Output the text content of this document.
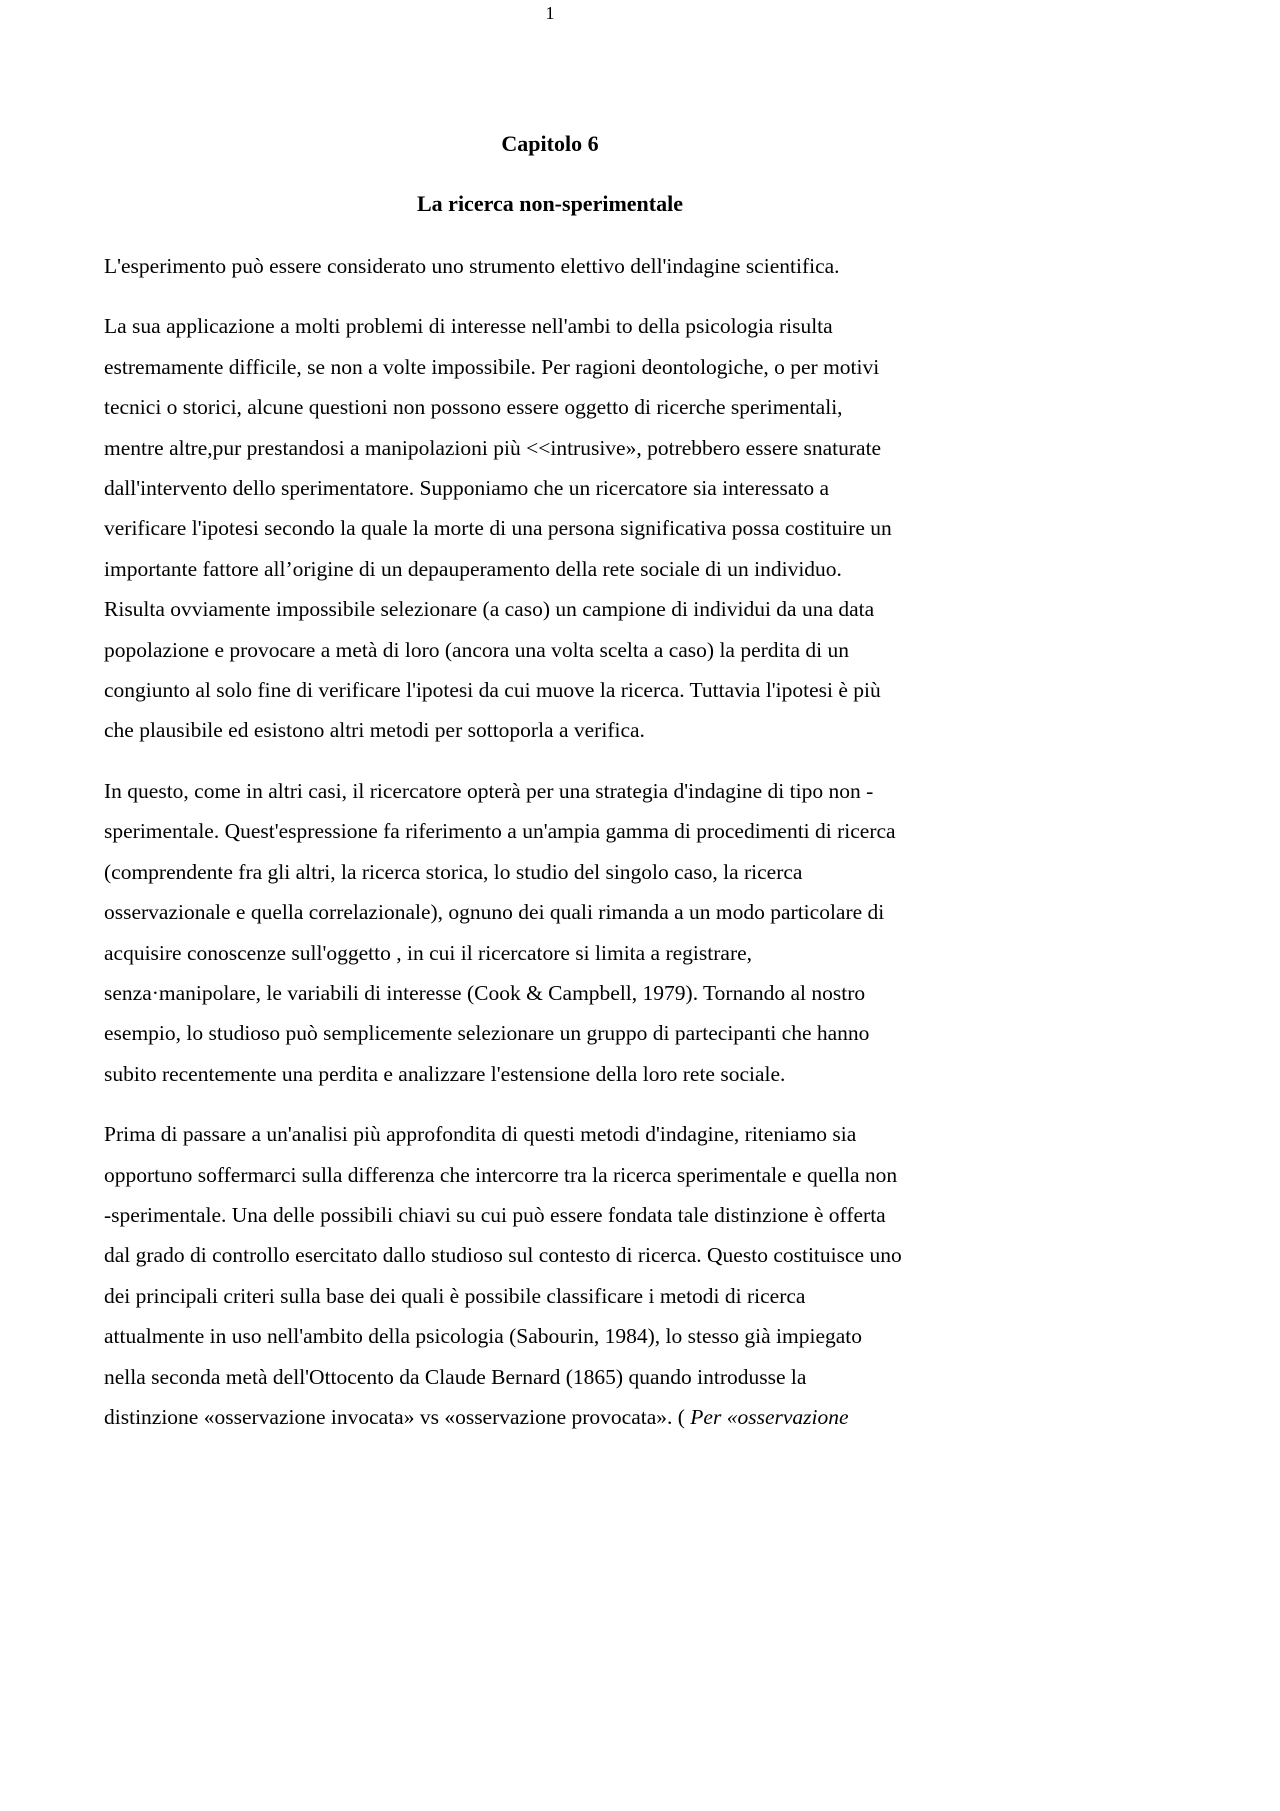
1
Capitolo 6
La ricerca non-sperimentale

L'esperimento può essere considerato uno strumento elettivo dell'indagine scientifica.

La sua applicazione a molti problemi di interesse nell'ambi to della psicologia risulta
estremamente difficile, se non a volte impossibile. Per ragioni deontologiche, o per motivi
tecnici o storici, alcune questioni non possono essere oggetto di ricerche sperimentali,
mentre altre,pur prestandosi a manipolazioni più <<intrusive», potrebbero essere snaturate
dall'intervento dello sperimentatore. Supponiamo che un ricercatore sia interessato a
verificare l'ipotesi secondo la quale la morte di una persona significativa possa costituire un
importante fattore all’origine di un depauperamento della rete sociale di un individuo.
Risulta ovviamente impossibile selezionare (a caso) un campione di individui da una data
popolazione e provocare a metà di loro (ancora una volta scelta a caso) la perdita di un
congiunto al solo fine di verificare l'ipotesi da cui muove la ricerca. Tuttavia l'ipotesi è più
che plausibile ed esistono altri metodi per sottoporla a verifica.

In questo, come in altri casi, il ricercatore opterà per una strategia d'indagine di tipo non -
sperimentale. Quest'espressione fa riferimento a un'ampia gamma di procedimenti di ricerca
(comprendente fra gli altri, la ricerca storica, lo studio del singolo caso, la ricerca
osservazionale e quella correlazionale), ognuno dei quali rimanda a un modo particolare di
acquisire conoscenze sull'oggetto , in cui il ricercatore si limita a registrare,
senza·manipolare, le variabili di interesse (Cook & Campbell, 1979). Tornando al nostro
esempio, lo studioso può semplicemente selezionare un gruppo di partecipanti che hanno
subito recentemente una perdita e analizzare l'estensione della loro rete sociale.

Prima di passare a un'analisi più approfondita di questi metodi d'indagine, riteniamo sia
opportuno soffermarci sulla differenza che intercorre tra la ricerca sperimentale e quella non
-sperimentale. Una delle possibili chiavi su cui può essere fondata tale distinzione è offerta
dal grado di controllo esercitato dallo studioso sul contesto di ricerca. Questo costituisce uno
dei principali criteri sulla base dei quali è possibile classificare i metodi di ricerca
attualmente in uso nell'ambito della psicologia (Sabourin, 1984), lo stesso già impiegato
nella seconda metà dell'Ottocento da Claude Bernard (1865) quando introdusse la
distinzione «osservazione invocata» vs «osservazione provocata». ( Per «osservazione
